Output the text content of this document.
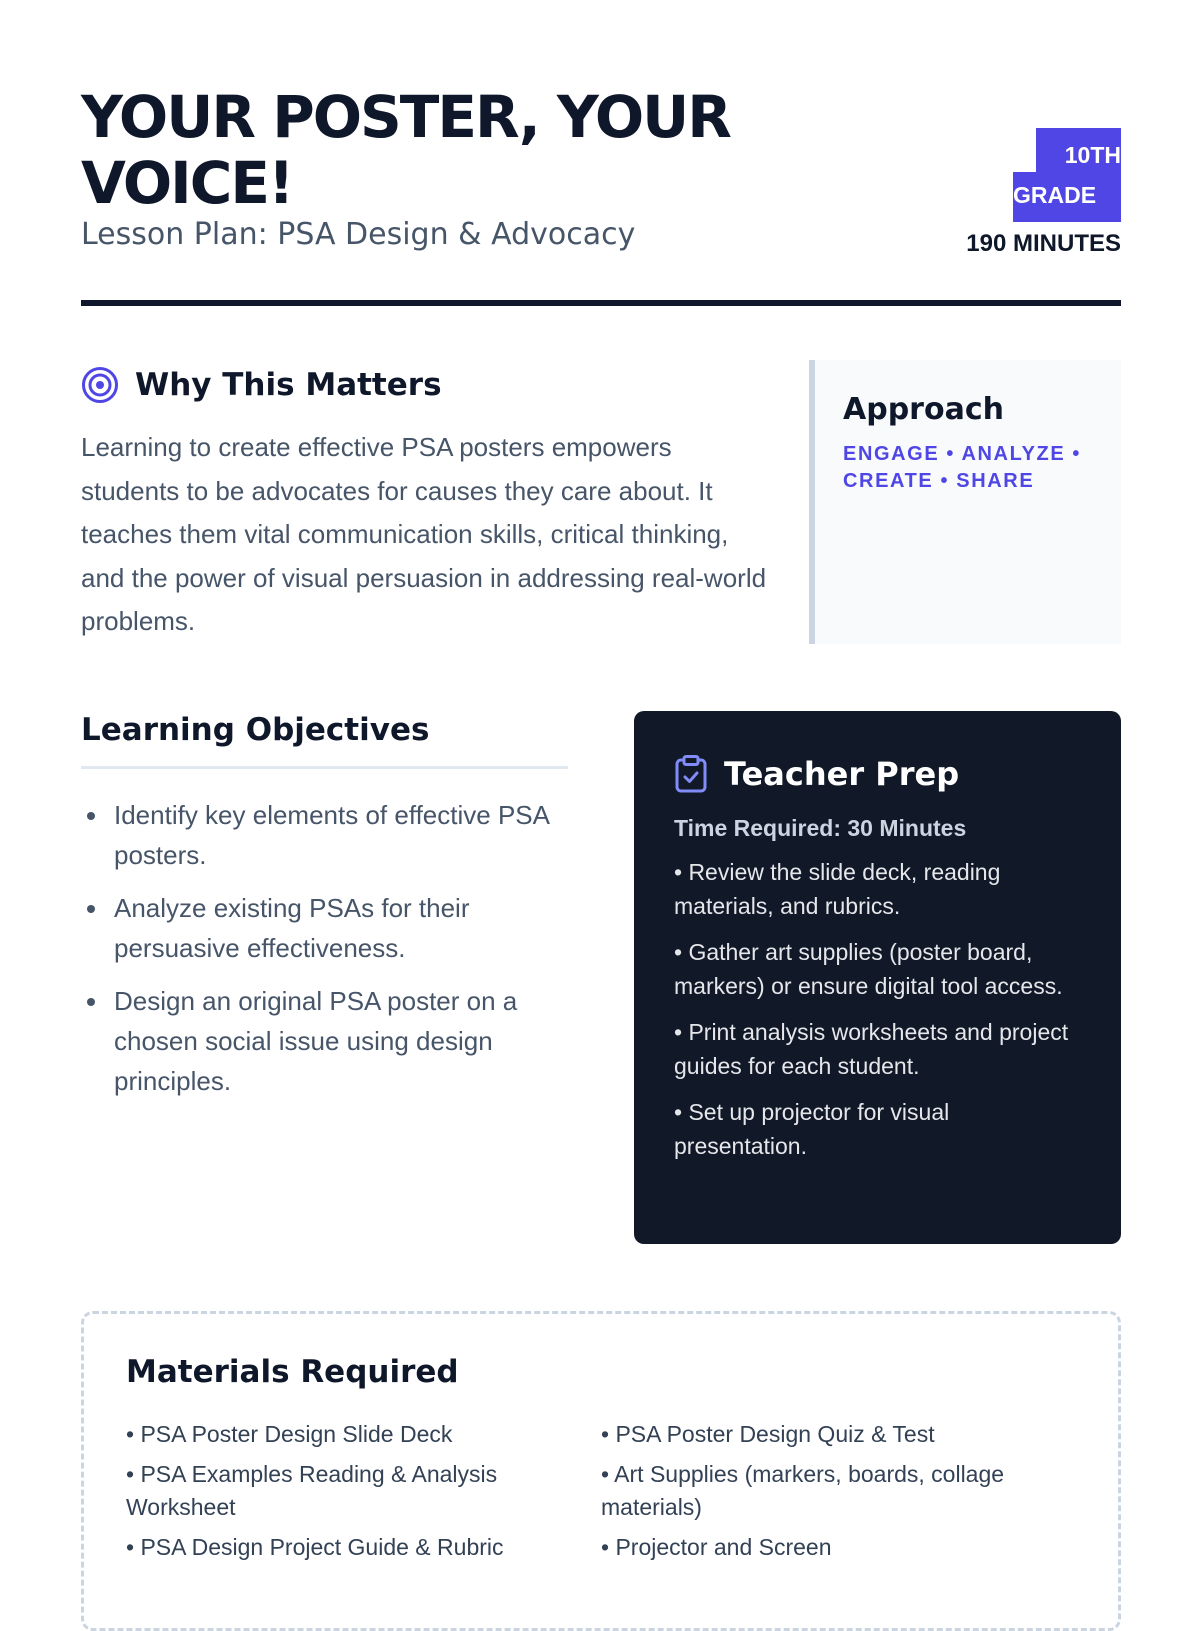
YOUR POSTER, YOUR VOICE!
Lesson Plan: PSA Design & Advocacy
10TH
GRADE
190 MINUTES
Why This Matters
Learning to create effective PSA posters empowers students to be advocates for causes they care about. It teaches them vital communication skills, critical thinking, and the power of visual persuasion in addressing real-world problems.
Approach
ENGAGE • ANALYZE • CREATE • SHARE
Learning Objectives
Identify key elements of effective PSA posters.
Analyze existing PSAs for their persuasive effectiveness.
Design an original PSA poster on a chosen social issue using design principles.
Teacher Prep
Time Required: 30 Minutes
• Review the slide deck, reading materials, and rubrics.
• Gather art supplies (poster board, markers) or ensure digital tool access.
• Print analysis worksheets and project guides for each student.
• Set up projector for visual presentation.
Materials Required
• PSA Poster Design Slide Deck
• PSA Examples Reading & Analysis Worksheet
• PSA Design Project Guide & Rubric
• PSA Poster Design Quiz & Test
• Art Supplies (markers, boards, collage materials)
• Projector and Screen
